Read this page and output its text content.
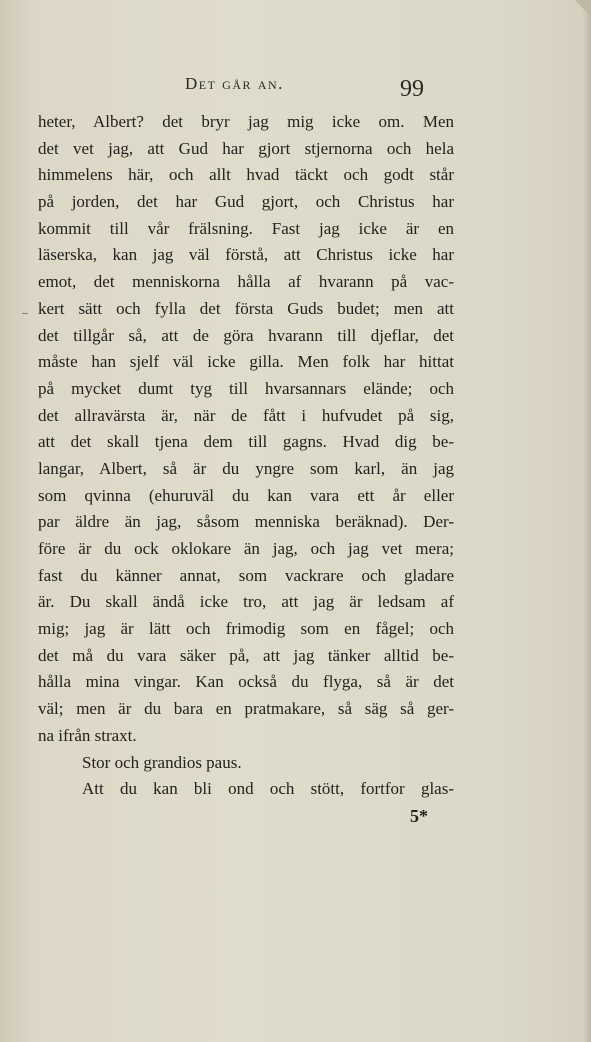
Det går an.	99
heter, Albert? det bryr jag mig icke om. Men
det vet jag, att Gud har gjort stjernorna och hela
himmelens här, och allt hvad täckt och godt står
på jorden, det har Gud gjort, och Christus har
kommit till vår frälsning. Fast jag icke är en
läserska, kan jag väl förstå, att Christus icke har
emot, det menniskorna hålla af hvarann på vac-
kert sätt och fylla det första Guds budet; men att
det tillgår så, att de göra hvarann till djeflar, det
måste han sjelf väl icke gilla. Men folk har hittat
på mycket dumt tyg till hvarsannars elände; och
det allravärsta är, när de fått i hufvudet på sig,
att det skall tjena dem till gagns. Hvad dig be-
langar, Albert, så är du yngre som karl, än jag
som qvinna (ehuruväl du kan vara ett år eller
par äldre än jag, såsom menniska beräknad). Der-
före är du ock oklokare än jag, och jag vet mera;
fast du känner annat, som vackrare och gladare
är. Du skall ändå icke tro, att jag är ledsam af
mig; jag är lätt och frimodig som en fågel; och
det må du vara säker på, att jag tänker alltid be-
hålla mina vingar. Kan också du flyga, så är det
väl; men är du bara en pratmakare, så säg så ger-
na ifrån straxt.
Stor och grandios paus.
Att du kan bli ond och stött, fortfor glas-
5*
